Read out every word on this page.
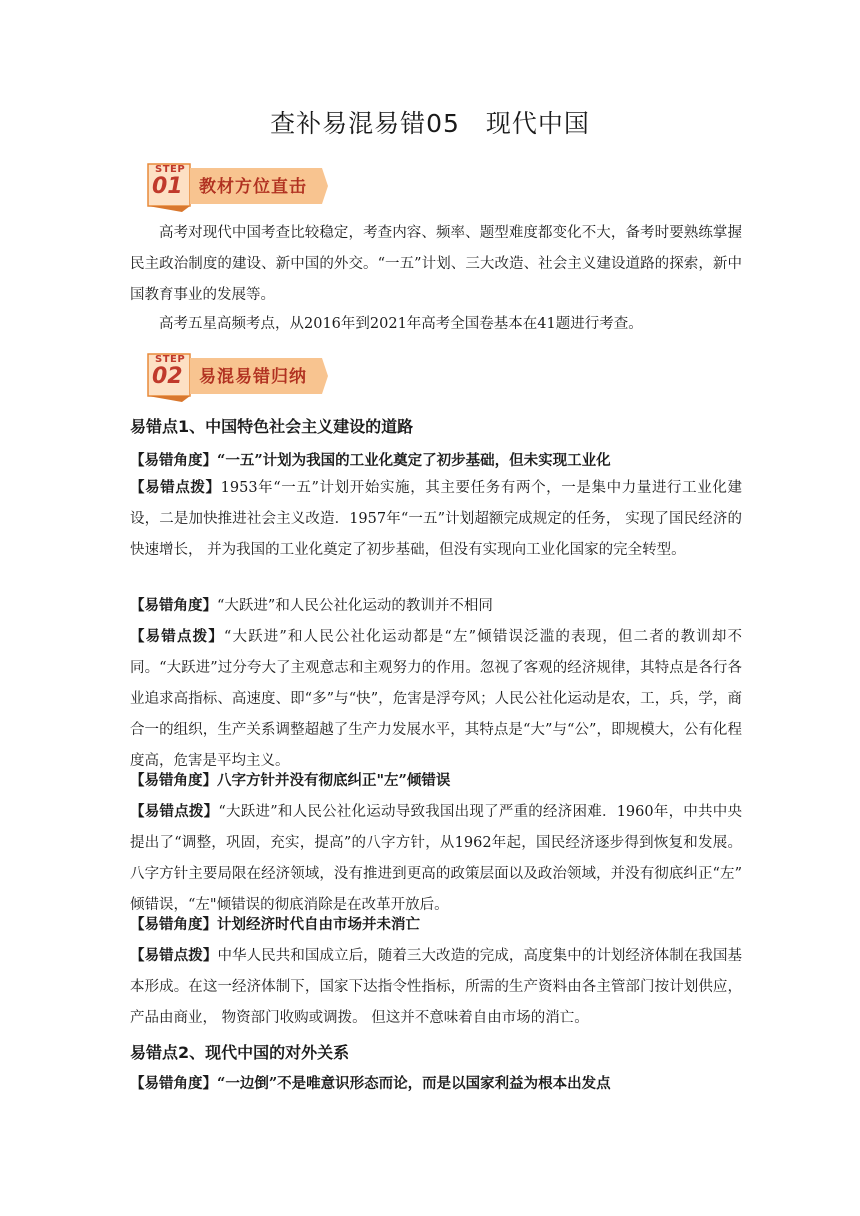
查补易混易错05　现代中国
STEP
01 教材方位直击

高考对现代中国考查比较稳定，考查内容、频率、题型难度都变化不大，备考时要熟练掌握民主政治制度的建设、新中国的外交。“一五”计划、三大改造、社会主义建设道路的探索，新中国教育事业的发展等。

高考五星高频考点，从2016年到2021年高考全国卷基本在41题进行考查。

STEP
02 易混易错归纳
易错点1、中国特色社会主义建设的道路

【易错角度】“一五”计划为我国的工业化奠定了初步基础，但未实现工业化

【易错点拨】1953年“一五”计划开始实施，其主要任务有两个，一是集中力量进行工业化建设，二是加快推进社会主义改造．1957年“一五”计划超额完成规定的任务， 实现了国民经济的 快速增长， 并为我国的工业化奠定了初步基础，但没有实现向工业化国家的完全转型。

【易错角度】“大跃进”和人民公社化运动的教训并不相同

【易错点拨】“大跃进”和人民公社化运动都是“左”倾错误泛滥的表现，但二者的教训却不同。“大跃进”过分夸大了主观意志和主观努力的作用。忽视了客观的经济规律，其特点是各行各业追求高指标、高速度、即“多”与“快”，危害是浮夸风；人民公社化运动是农，工，兵，学，商合一的组织，生产关系调整超越了生产力发展水平，其特点是“大”与“公”，即规模大，公有化程度高，危害是平均主义。

【易错角度】八字方针并没有彻底纠正"左”倾错误

【易错点拨】“大跃进”和人民公社化运动导致我国出现了严重的经济困难．1960年，中共中央提出了“调整，巩固，充实，提高”的八字方针，从1962年起，国民经济逐步得到恢复和发展。 八字方针主要局限在经济领域，没有推进到更高的政策层面以及政治领域，并没有彻底纠正“左” 倾错误，“左"倾错误的彻底消除是在改革开放后。

【易错角度】计划经济时代自由市场并未消亡

【易错点拨】中华人民共和国成立后，随着三大改造的完成，高度集中的计划经济体制在我国基本形成。在这一经济体制下，国家下达指令性指标，所需的生产资料由各主管部门按计划供应， 产品由商业， 物资部门收购或调拨。 但这并不意味着自由市场的消亡。

易错点2、现代中国的对外关系

【易错角度】“一边倒”不是唯意识形态而论，而是以国家利益为根本出发点
